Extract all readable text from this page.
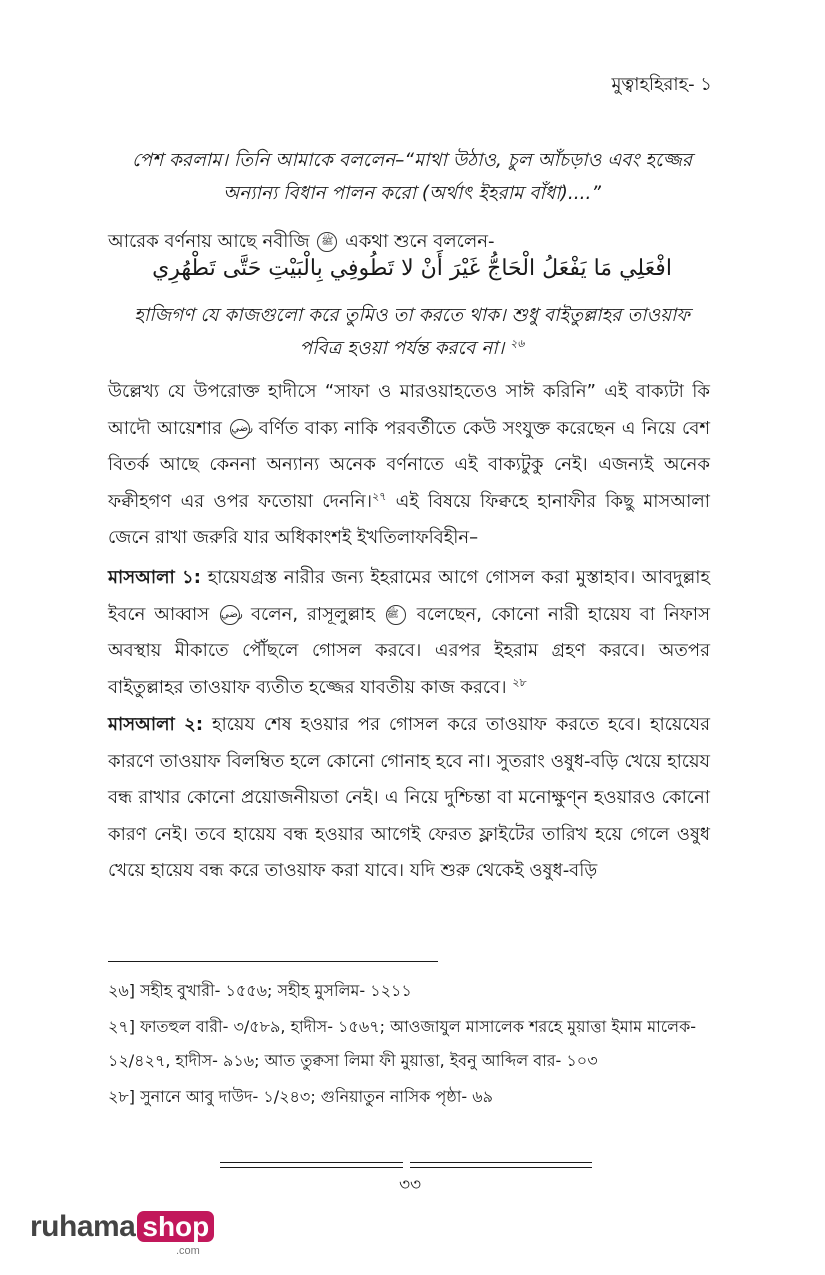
মুত্বাহহিরাহ- ১
পেশ করলাম। তিনি আমাকে বললেন–“মাথা উঠাও, চুল আঁচড়াও এবং হজ্জের
অন্যান্য বিধান পালন করো (অর্থাৎ ইহরাম বাঁধা)....”
আরেক বর্ণনায় আছে নবীজি ﷺ একথা শুনে বললেন-
افْعَلِي مَا يَفْعَلُ الْحَاجُّ غَيْرَ أَنْ لا تَطُوفِي بِالْبَيْتِ حَتَّى تَطْهُرِي
হাজিগণ যে কাজগুলো করে তুমিও তা করতে থাক। শুধু বাইতুল্লাহর তাওয়াফ
পবিত্র হওয়া পর্যন্ত করবে না। $^{২৬}$

উল্লেখ্য যে উপরোক্ত হাদীসে “সাফা ও মারওয়াহতেও সাঈ করিনি” এই বাক্যটা কি আদৌ আয়েশার رضي বর্ণিত বাক্য নাকি পরবর্তীতে কেউ সংযুক্ত করেছেন এ নিয়ে বেশ বিতর্ক আছে কেননা অন্যান্য অনেক বর্ণনাতে এই বাক্যটুকু নেই। এজন্যই অনেক ফক্বীহগণ এর ওপর ফতোয়া দেননি।$^{২৭}$ এই বিষয়ে ফিক্বহে হানাফীর কিছু মাসআলা জেনে রাখা জরুরি যার অধিকাংশই ইখতিলাফবিহীন–

মাসআলা ১: হায়েযগ্রস্ত নারীর জন্য ইহরামের আগে গোসল করা মুস্তাহাব। আবদুল্লাহ ইবনে আব্বাস رضي বলেন, রাসূলুল্লাহ ﷺ বলেছেন, কোনো নারী হায়েয বা নিফাস অবস্থায় মীকাতে পৌঁছলে গোসল করবে। এরপর ইহরাম গ্রহণ করবে। অতপর বাইতুল্লাহর তাওয়াফ ব্যতীত হজ্জের যাবতীয় কাজ করবে। $^{২৮}$

মাসআলা ২: হায়েয শেষ হওয়ার পর গোসল করে তাওয়াফ করতে হবে। হায়েযের কারণে তাওয়াফ বিলম্বিত হলে কোনো গোনাহ হবে না। সুতরাং ওষুধ-বড়ি খেয়ে হায়েয বন্ধ রাখার কোনো প্রয়োজনীয়তা নেই। এ নিয়ে দুশ্চিন্তা বা মনোক্ষুণ্ন হওয়ারও কোনো কারণ নেই। তবে হায়েয বন্ধ হওয়ার আগেই ফেরত ফ্লাইটের তারিখ হয়ে গেলে ওষুধ খেয়ে হায়েয বন্ধ করে তাওয়াফ করা যাবে। যদি শুরু থেকেই ওষুধ-বড়ি

২৬] সহীহ বুখারী- ১৫৫৬; সহীহ মুসলিম- ১২১১
২৭] ফাতহুল বারী- ৩/৫৮৯, হাদীস- ১৫৬৭; আওজাযুল মাসালেক শরহে মুয়াত্তা ইমাম মালেক- ১২/৪২৭, হাদীস- ৯১৬; আত তুক্বসা লিমা ফী মুয়াত্তা, ইবনু আব্দিল বার- ১০৩
২৮] সুনানে আবু দাউদ- ১/২৪৩; গুনিয়াতুন নাসিক পৃষ্ঠা- ৬৯
৩৩
ruhama shop
.com
